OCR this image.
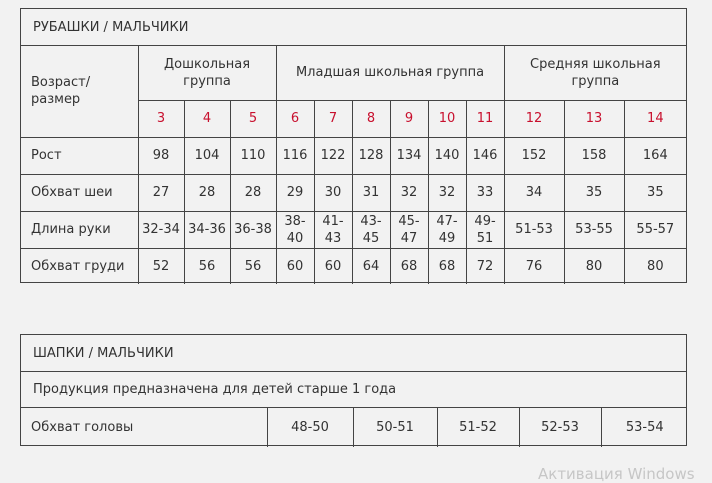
РУБАШКИ / МАЛЬЧИКИ
Возраст/ размер	Дошкольная группа			Младшая школьная группа						Средняя школьная группа		
	3	4	5	6	7	8	9	10	11	12	13	14
Рост	98	104	110	116	122	128	134	140	146	152	158	164
Обхват шеи	27	28	28	29	30	31	32	32	33	34	35	35
Длина руки	32-34	34-36	36-38	38-40	41-43	43-45	45-47	47-49	49-51	51-53	53-55	55-57
Обхват груди	52	56	56	60	60	64	68	68	72	76	80	80
ШАПКИ / МАЛЬЧИКИ
Продукция предназначена для детей старше 1 года
Обхват головы	48-50	50-51	51-52	52-53	53-54
Активация Windows
